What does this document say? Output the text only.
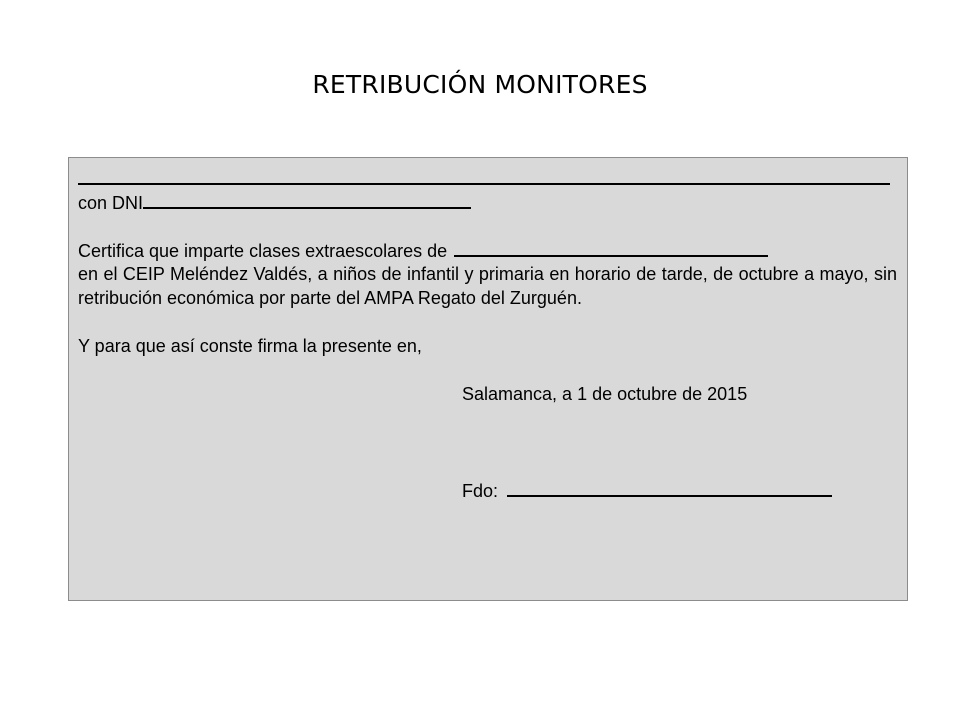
RETRIBUCIÓN MONITORES
con DNI
Certifica que imparte clases extraescolares de
en el CEIP Meléndez Valdés, a niños de infantil y primaria en horario de tarde, de octubre a mayo, sin retribución económica por parte del AMPA Regato del Zurguén.
Y para que así conste firma la presente en,
Salamanca, a 1 de octubre de 2015
Fdo:
